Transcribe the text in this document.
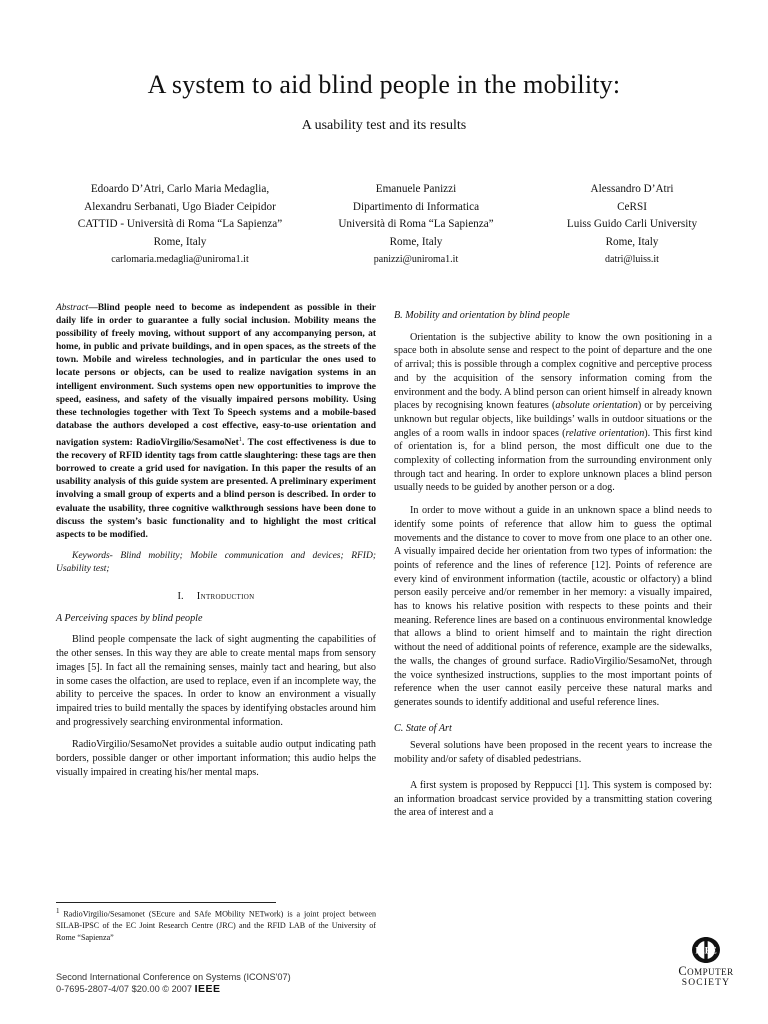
A system to aid blind people in the mobility:
A usability test and its results
Edoardo D’Atri, Carlo Maria Medaglia,
Alexandru Serbanati, Ugo Biader Ceipidor
CATTID - Università di Roma “La Sapienza”
Rome, Italy
carlomaria.medaglia@uniroma1.it
Emanuele Panizzi
Dipartimento di Informatica
Università di Roma “La Sapienza”
Rome, Italy
panizzi@uniroma1.it
Alessandro D’Atri
CeRSI
Luiss Guido Carli University
Rome, Italy
datri@luiss.it

Abstract—Blind people need to become as independent as possible in their daily life in order to guarantee a fully social inclusion. Mobility means the possibility of freely moving, without support of any accompanying person, at home, in public and private buildings, and in open spaces, as the streets of the town. Mobile and wireless technologies, and in particular the ones used to locate persons or objects, can be used to realize navigation systems in an intelligent environment. Such systems open new opportunities to improve the speed, easiness, and safety of the visually impaired persons mobility. Using these technologies together with Text To Speech systems and a mobile-based database the authors developed a cost effective, easy-to-use orientation and navigation system: RadioVirgilio/SesamoNet$^1$. The cost effectiveness is due to the recovery of RFID identity tags from cattle slaughtering: these tags are then borrowed to create a grid used for navigation. In this paper the results of an usability analysis of this guide system are presented. A preliminary experiment involving a small group of experts and a blind person is described. In order to evaluate the usability, three cognitive walkthrough sessions have been done to discuss the system’s basic functionality and to highlight the most critical aspects to be modified.

Keywords- Blind mobility; Mobile communication and devices; RFID; Usability test;

I. Introduction

A Perceiving spaces by blind people

Blind people compensate the lack of sight augmenting the capabilities of the other senses. In this way they are able to create mental maps from sensory images [5]. In fact all the remaining senses, mainly tact and hearing, but also in some cases the olfaction, are used to replace, even if an incomplete way, the ability to perceive the spaces. In order to know an environment a visually impaired tries to build mentally the spaces by identifying obstacles around him and progressively searching environmental information.

RadioVirgilio/SesamoNet provides a suitable audio output indicating path borders, possible danger or other important information; this audio helps the visually impaired in creating his/her mental maps.

$^1$ RadioVirgilio/Sesamonet (SEcure and SAfe MObility NETwork) is a joint project between SILAB-IPSC of the EC Joint Research Centre (JRC) and the RFID LAB of the University of Rome “Sapienza”

B. Mobility and orientation by blind people

Orientation is the subjective ability to know the own positioning in a space both in absolute sense and respect to the point of departure and the one of arrival; this is possible through a complex cognitive and perceptive process and by the acquisition of the sensory information coming from the environment and the body. A blind person can orient himself in already known places by recognising known features (absolute orientation) or by perceiving unknown but regular objects, like buildings’ walls in outdoor situations or the angles of a room walls in indoor spaces (relative orientation). This first kind of orientation is, for a blind person, the most difficult one due to the complexity of collecting information from the surrounding environment only through tact and hearing. In order to explore unknown places a blind person usually needs to be guided by another person or a dog.

In order to move without a guide in an unknown space a blind needs to identify some points of reference that allow him to guess the optimal movements and the distance to cover to move from one place to an other one. A visually impaired decide her orientation from two types of information: the points of reference and the lines of reference [12]. Points of reference are every kind of environment information (tactile, acoustic or olfactory) a blind person easily perceive and/or remember in her memory: a visually impaired, has to knows his relative position with respects to these points and their meaning. Reference lines are based on a continuous environmental knowledge that allows a blind to orient himself and to maintain the right direction without the need of additional points of reference, example are the sidewalks, the walls, the changes of ground surface. RadioVirgilio/SesamoNet, through the voice synthesized instructions, supplies to the most important points of reference when the user cannot easily perceive these natural marks and generates sounds to identify additional and useful reference lines.

C. State of Art

Several solutions have been proposed in the recent years to increase the mobility and/or safety of disabled pedestrians.

A first system is proposed by Reppucci [1]. This system is composed by: an information broadcast service provided by a transmitting station covering the area of interest and a

Second International Conference on Systems (ICONS'07)
0-7695-2807-4/07 $20.00 © 2007 IEEE
IEEE
Computer
SOCIETY
